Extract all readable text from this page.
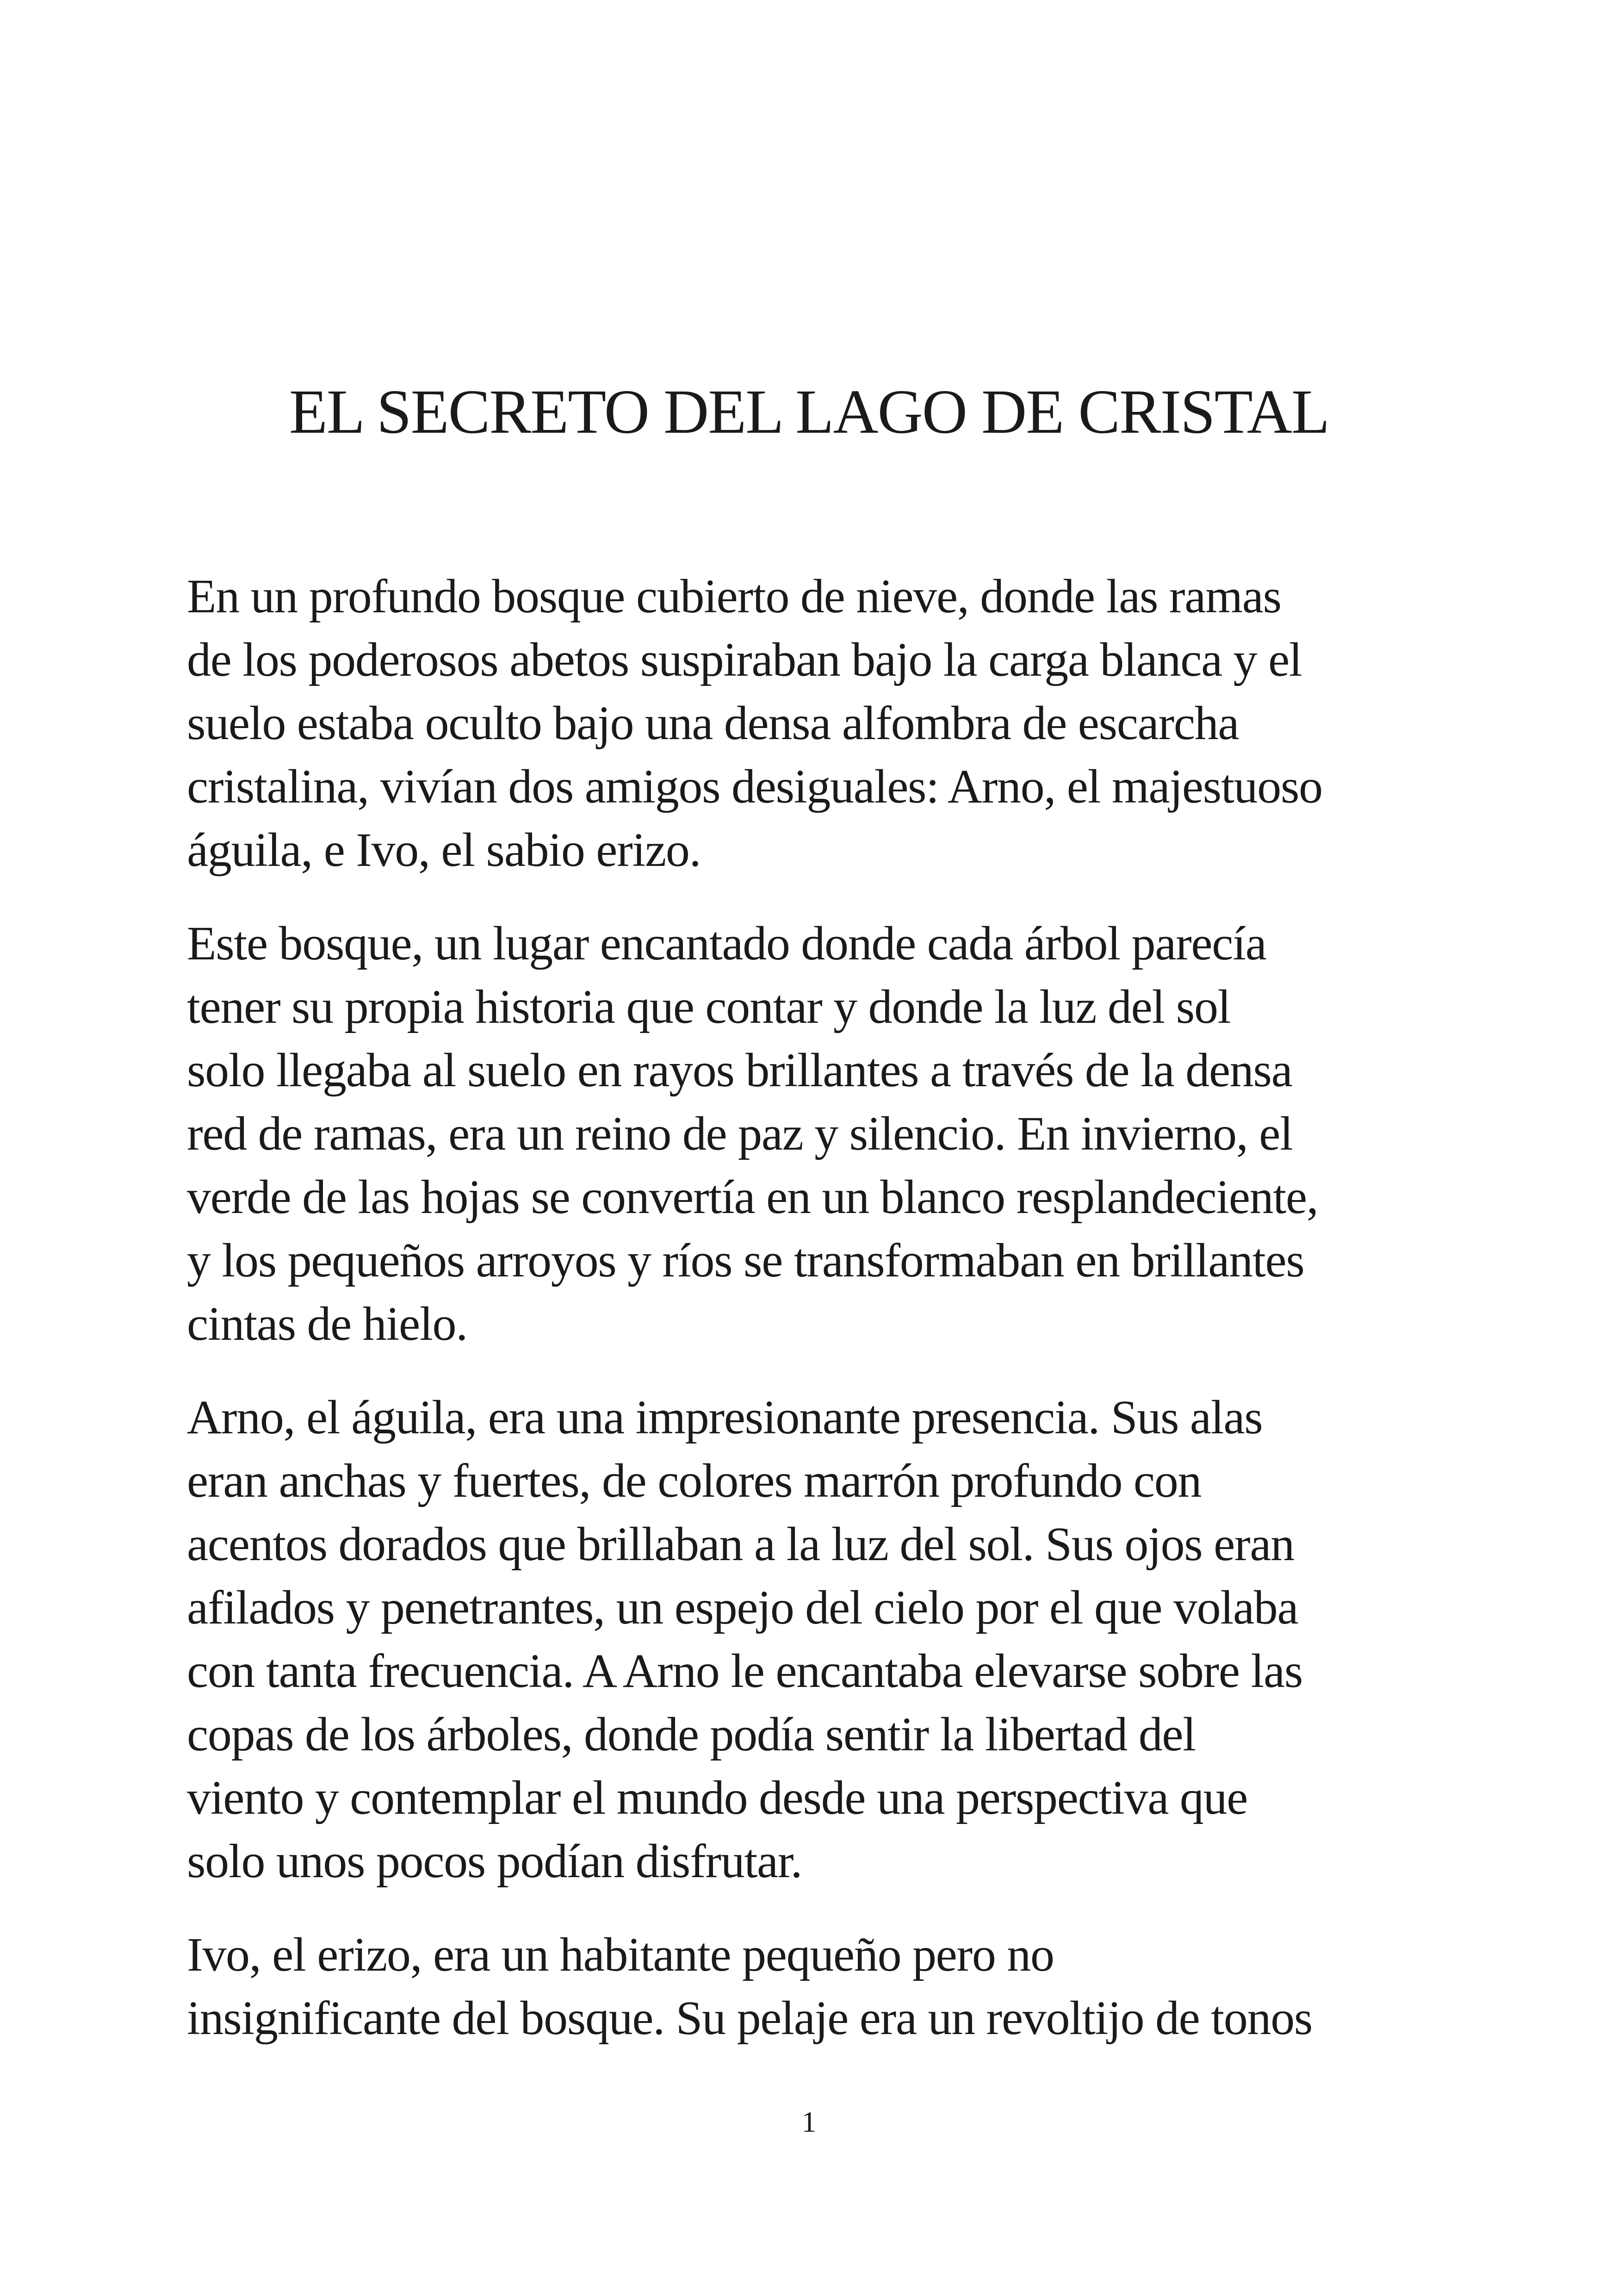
EL SECRETO DEL LAGO DE CRISTAL

En un profundo bosque cubierto de nieve, donde las ramas
de los poderosos abetos suspiraban bajo la carga blanca y el
suelo estaba oculto bajo una densa alfombra de escarcha
cristalina, vivían dos amigos desiguales: Arno, el majestuoso
águila, e Ivo, el sabio erizo.

Este bosque, un lugar encantado donde cada árbol parecía
tener su propia historia que contar y donde la luz del sol
solo llegaba al suelo en rayos brillantes a través de la densa
red de ramas, era un reino de paz y silencio. En invierno, el
verde de las hojas se convertía en un blanco resplandeciente,
y los pequeños arroyos y ríos se transformaban en brillantes
cintas de hielo.

Arno, el águila, era una impresionante presencia. Sus alas
eran anchas y fuertes, de colores marrón profundo con
acentos dorados que brillaban a la luz del sol. Sus ojos eran
afilados y penetrantes, un espejo del cielo por el que volaba
con tanta frecuencia. A Arno le encantaba elevarse sobre las
copas de los árboles, donde podía sentir la libertad del
viento y contemplar el mundo desde una perspectiva que
solo unos pocos podían disfrutar.

Ivo, el erizo, era un habitante pequeño pero no
insignificante del bosque. Su pelaje era un revoltijo de tonos

1
